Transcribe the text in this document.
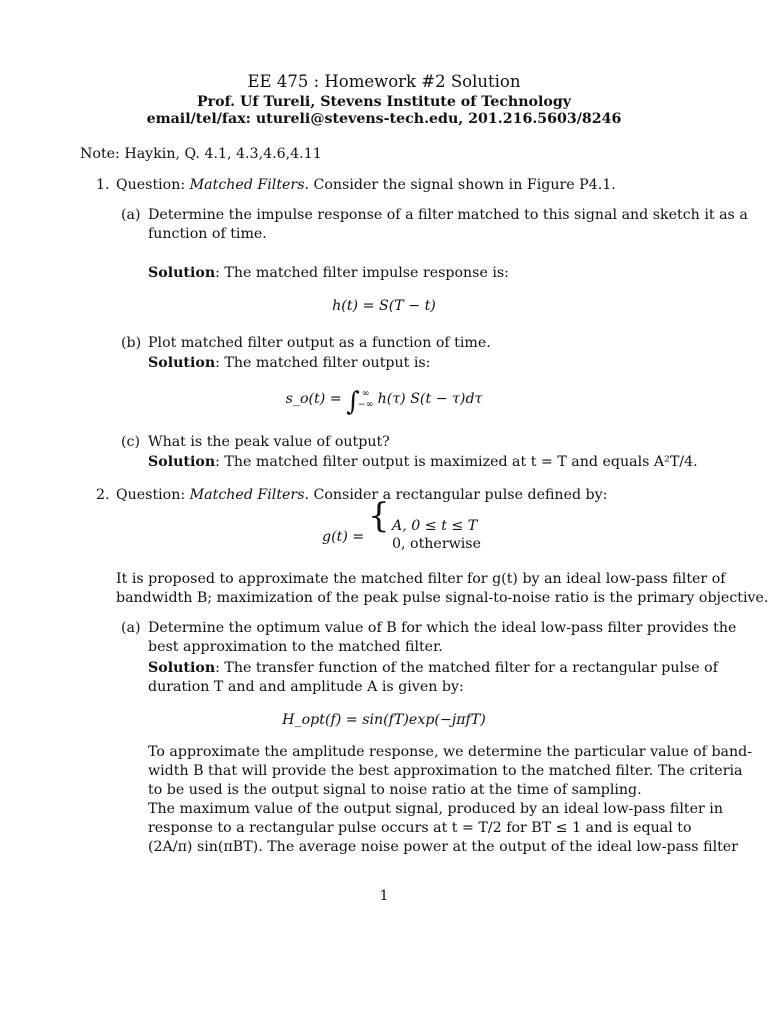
EE 475 : Homework #2 Solution
Prof. Uf Tureli, Stevens Institute of Technology
email/tel/fax: utureli@stevens-tech.edu, 201.216.5603/8246
Note: Haykin, Q. 4.1, 4.3,4.6,4.11
1. Question: Matched Filters. Consider the signal shown in Figure P4.1.
(a) Determine the impulse response of a filter matched to this signal and sketch it as a
function of time.
Solution: The matched filter impulse response is:
h(t) = S(T − t)
(b) Plot matched filter output as a function of time.
Solution: The matched filter output is:
s_o(t) = ∫ ∞
−∞ h(τ) S(t − τ)dτ
(c) What is the peak value of output?
Solution: The matched filter output is maximized at t = T and equals A²T/4.
2. Question: Matched Filters. Consider a rectangular pulse defined by:
g(t) =
{ A, 0 ≤ t ≤ T
0, otherwise
It is proposed to approximate the matched filter for g(t) by an ideal low-pass filter of
bandwidth B; maximization of the peak pulse signal-to-noise ratio is the primary objective.
(a) Determine the optimum value of B for which the ideal low-pass filter provides the
best approximation to the matched filter.
Solution: The transfer function of the matched filter for a rectangular pulse of
duration T and and amplitude A is given by:
H_opt(f) = sin(fT)exp(−jπfT)
To approximate the amplitude response, we determine the particular value of band-
width B that will provide the best approximation to the matched filter. The criteria
to be used is the output signal to noise ratio at the time of sampling.
The maximum value of the output signal, produced by an ideal low-pass filter in
response to a rectangular pulse occurs at t = T/2 for BT ≤ 1 and is equal to
(2A/π) sin(πBT). The average noise power at the output of the ideal low-pass filter
1
